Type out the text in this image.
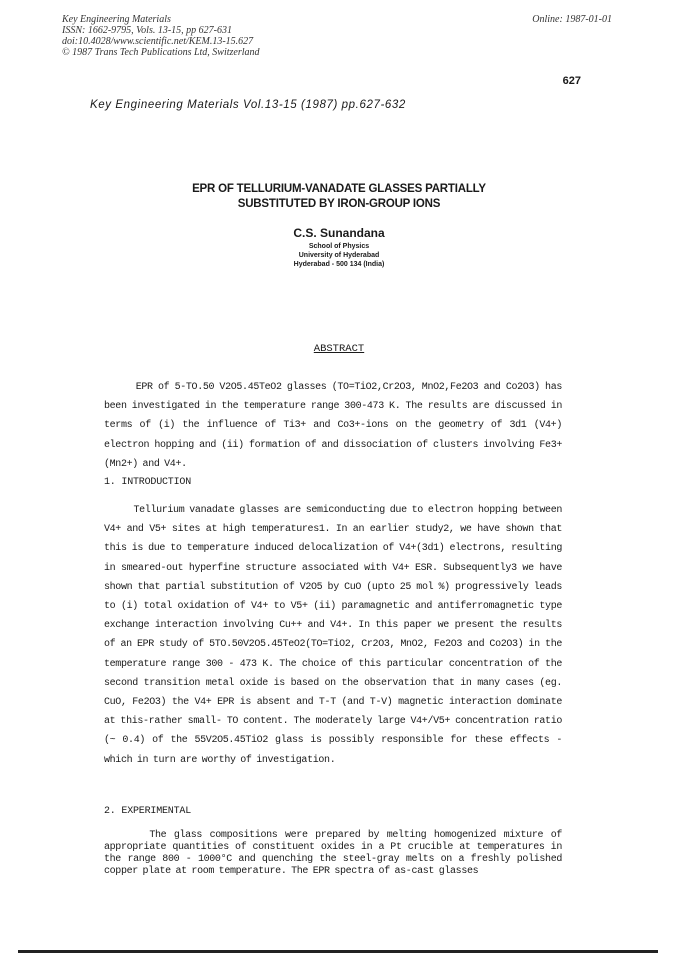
Key Engineering Materials
ISSN: 1662-9795, Vols. 13-15, pp 627-631
doi:10.4028/www.scientific.net/KEM.13-15.627
© 1987 Trans Tech Publications Ltd, Switzerland
Online: 1987-01-01
627
Key Engineering Materials Vol.13-15 (1987) pp.627-632
EPR OF TELLURIUM-VANADATE GLASSES PARTIALLY
SUBSTITUTED BY IRON-GROUP IONS
C.S. Sunandana
School of Physics
University of Hyderabad
Hyderabad - 500 134 (India)
ABSTRACT
EPR of 5-TO.50 V2O5.45TeO2 glasses (TO=TiO2,Cr2O3, MnO2,Fe2O3 and Co2O3) has been investigated in the temperature range 300-473 K. The results are discussed in terms of (i) the influence of Ti3+ and Co3+-ions on the geometry of 3d1 (V4+) electron hopping and (ii) formation of and dissociation of clusters involving Fe3+ (Mn2+) and V4+.
1. INTRODUCTION
Tellurium vanadate glasses are semiconducting due to electron hopping between V4+ and V5+ sites at high temperatures1. In an earlier study2, we have shown that this is due to temperature induced delocalization of V4+(3d1) electrons, resulting in smeared-out hyperfine structure associated with V4+ ESR. Subsequently3 we have shown that partial substitution of V2O5 by CuO (upto 25 mol %) progressively leads to (i) total oxidation of V4+ to V5+ (ii) paramagnetic and antiferromagnetic type exchange interaction involving Cu++ and V4+. In this paper we present the results of an EPR study of 5TO.50V2O5.45TeO2(TO=TiO2, Cr2O3, MnO2, Fe2O3 and Co2O3) in the temperature range 300 - 473 K. The choice of this particular concentration of the second transition metal oxide is based on the observation that in many cases (eg. CuO, Fe2O3) the V4+ EPR is absent and T-T (and T-V) magnetic interaction dominate at this-rather small- TO content. The moderately large V4+/V5+ concentration ratio (~ 0.4) of the 55V2O5.45TiO2 glass is possibly responsible for these effects - which in turn are worthy of investigation.
2. EXPERIMENTAL
The glass compositions were prepared by melting homogenized mixture of appropriate quantities of constituent oxides in a Pt crucible at temperatures in the range 800 - 1000°C and quenching the steel-gray melts on a freshly polished copper plate at room temperature. The EPR spectra of as-cast glasses
